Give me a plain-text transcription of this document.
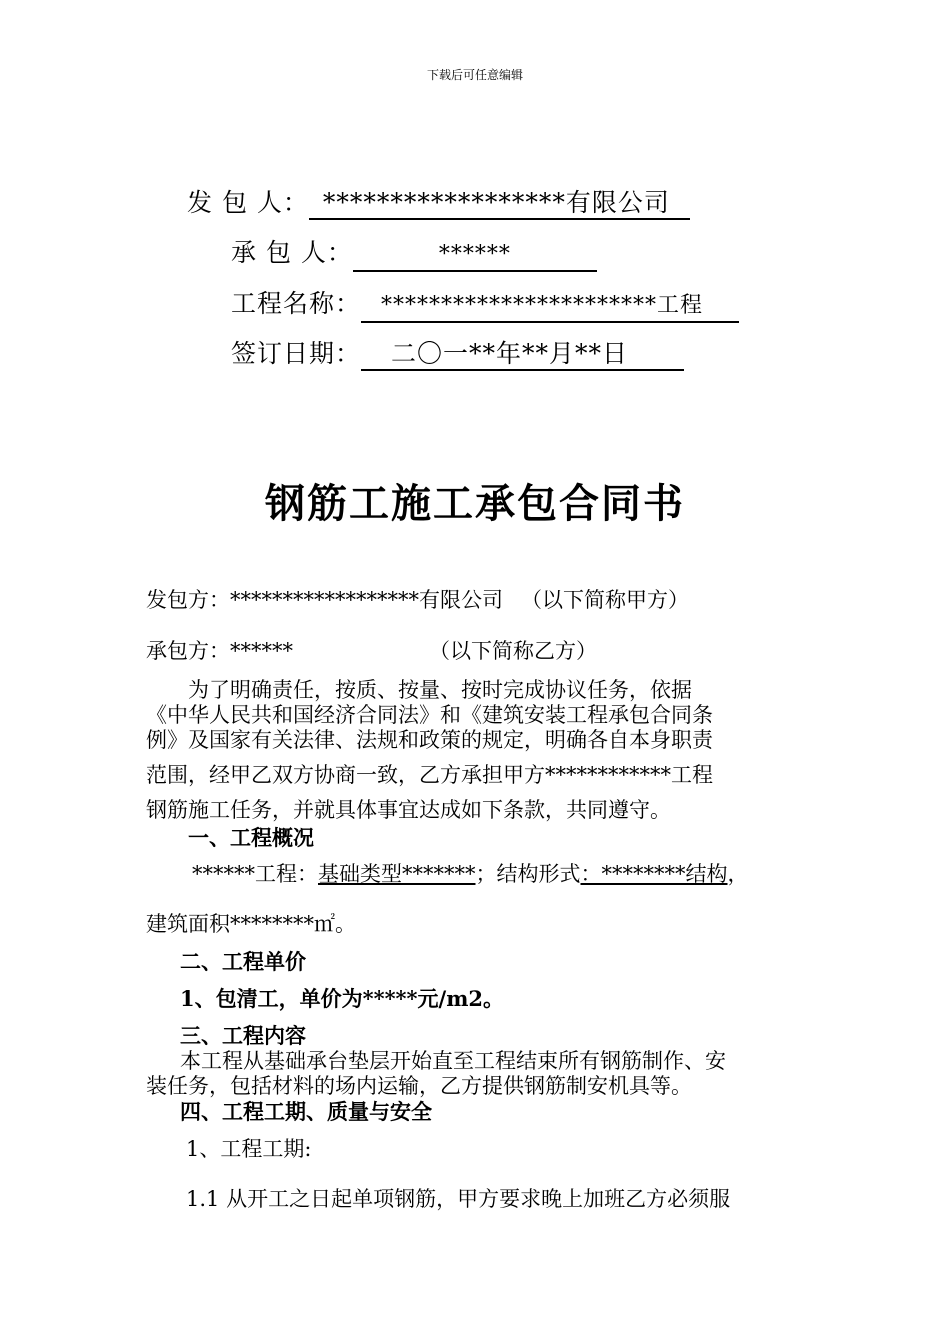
下载后可任意编辑
发 包 人： ******************有限公司
承 包 人：	******
工程名称： ***********************工程
签订日期： 二〇一**年**月**日
钢筋工施工承包合同书
发包方：******************有限公司 （以下简称甲方）
承包方：******	（以下简称乙方）
为了明确责任，按质、按量、按时完成协议任务，依据
《中华人民共和国经济合同法》和《建筑安装工程承包合同条
例》及国家有关法律、法规和政策的规定，明确各自本身职责
范围，经甲乙双方协商一致，乙方承担甲方************工程
钢筋施工任务，并就具体事宜达成如下条款，共同遵守。
一、工程概况
******工程：基础类型*******；结构形式：********结构，
建筑面积********㎡。
二、工程单价
1、包清工，单价为*****元/m2。
三、工程内容
本工程从基础承台垫层开始直至工程结束所有钢筋制作、安
装任务，包括材料的场内运输，乙方提供钢筋制安机具等。
四、工程工期、质量与安全
1、工程工期:
1.1 从开工之日起单项钢筋，甲方要求晚上加班乙方必须服
